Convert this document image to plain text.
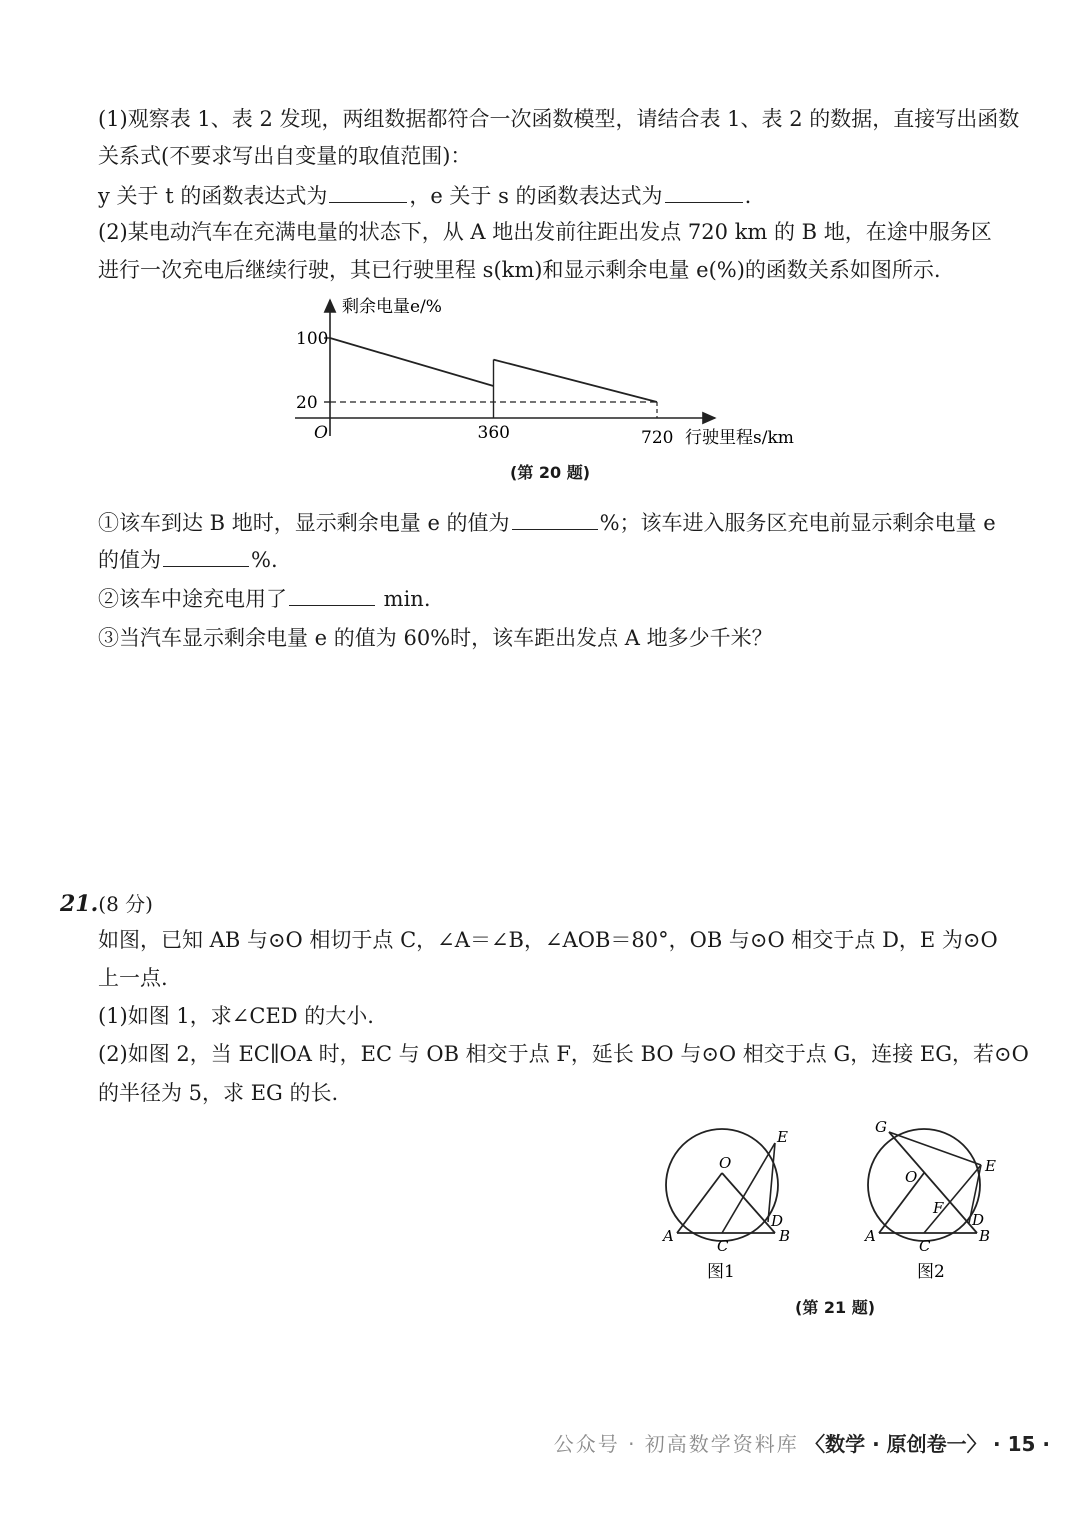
(1)观察表 1、表 2 发现，两组数据都符合一次函数模型，请结合表 1、表 2 的数据，直接写出函数
关系式(不要求写出自变量的取值范围)：
y 关于 t 的函数表达式为	，e 关于 s 的函数表达式为	.
(2)某电动汽车在充满电量的状态下，从 A 地出发前往距出发点 720 km 的 B 地，在途中服务区
进行一次充电后继续行驶，其已行驶里程 s(km)和显示剩余电量 e(%)的函数关系如图所示.
100
20
360	720
O
剩余电量e/%
行驶里程s/km
(第 20 题)
①该车到达 B 地时，显示剩余电量 e 的值为	%；该车进入服务区充电前显示剩余电量 e
的值为	%.
②该车中途充电用了	min.
③当汽车显示剩余电量 e 的值为 60%时，该车距出发点 A 地多少千米？
21.(8 分)
如图，已知 AB 与⊙O 相切于点 C，∠A＝∠B，∠AOB＝80°，OB 与⊙O 相交于点 D，E 为⊙O
上一点.
(1)如图 1，求∠CED 的大小.
(2)如图 2，当 EC∥OA 时，EC 与 OB 相交于点 F，延长 BO 与⊙O 相交于点 G，连接 EG，若⊙O
的半径为 5，求 EG 的长.
O
A	B
C
D
E
图1
O
A	B
C
D
E
F
G
图2
(第 21 题)
公众号 · 初高数学资料库 〈数学 · 原创卷一〉 · 15 ·
